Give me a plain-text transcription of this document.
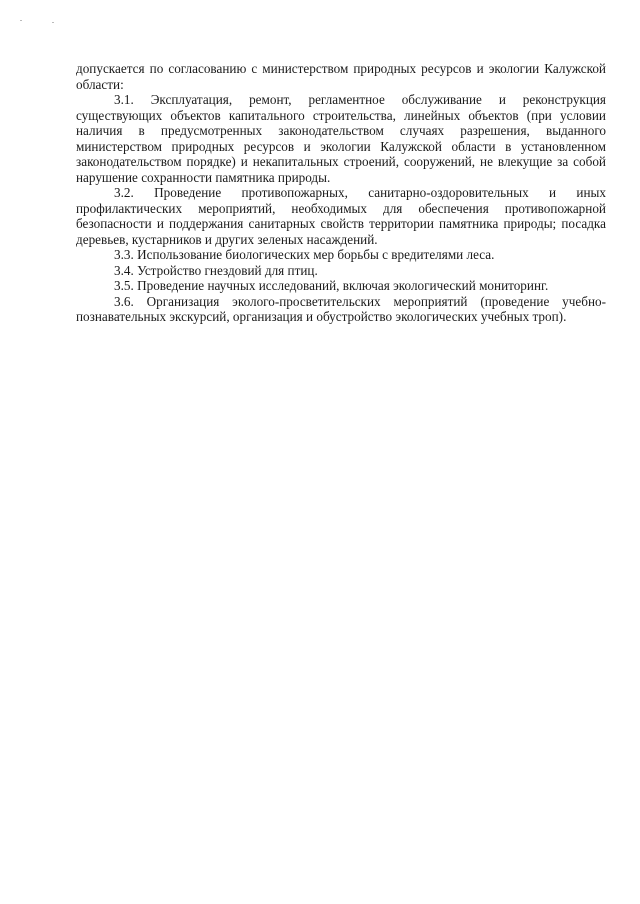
допускается по согласованию с министерством природных ресурсов и экологии Калужской области:

3.1. Эксплуатация, ремонт, регламентное обслуживание и реконструкция существующих объектов капитального строительства, линейных объектов (при условии наличия в предусмотренных законодательством случаях разрешения, выданного министерством природных ресурсов и экологии Калужской области в установленном законодательством порядке) и некапитальных строений, сооружений, не влекущие за собой нарушение сохранности памятника природы.

3.2. Проведение противопожарных, санитарно-оздоровительных и иных профилактических мероприятий, необходимых для обеспечения противопожарной безопасности и поддержания санитарных свойств территории памятника природы; посадка деревьев, кустарников и других зеленых насаждений.

3.3. Использование биологических мер борьбы с вредителями леса.

3.4. Устройство гнездовий для птиц.

3.5. Проведение научных исследований, включая экологический мониторинг.

3.6. Организация эколого-просветительских мероприятий (проведение учебно-познавательных экскурсий, организация и обустройство экологических учебных троп).
